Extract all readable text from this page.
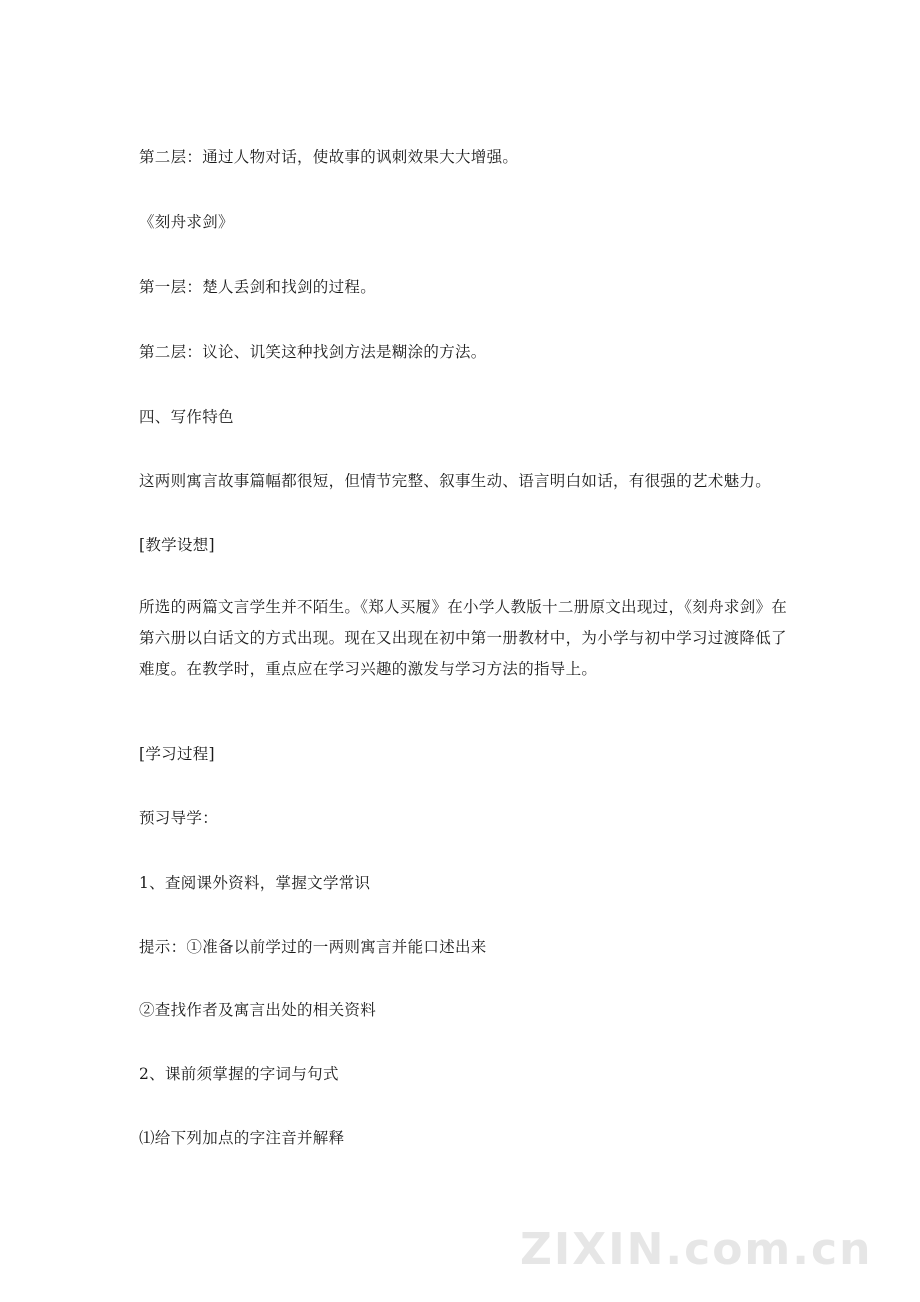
第二层：通过人物对话，使故事的讽刺效果大大增强。
《刻舟求剑》
第一层：楚人丢剑和找剑的过程。
第二层：议论、讥笑这种找剑方法是糊涂的方法。
四、写作特色
这两则寓言故事篇幅都很短，但情节完整、叙事生动、语言明白如话，有很强的艺术魅力。
[教学设想]
所选的两篇文言学生并不陌生。《郑人买履》在小学人教版十二册原文出现过，《刻舟求剑》在第六册以白话文的方式出现。现在又出现在初中第一册教材中，为小学与初中学习过渡降低了难度。在教学时，重点应在学习兴趣的激发与学习方法的指导上。
[学习过程]
预习导学：
1、查阅课外资料，掌握文学常识
提示：①准备以前学过的一两则寓言并能口述出来
②查找作者及寓言出处的相关资料
2、课前须掌握的字词与句式
⑴给下列加点的字注音并解释
ZIXIN.com.cn
